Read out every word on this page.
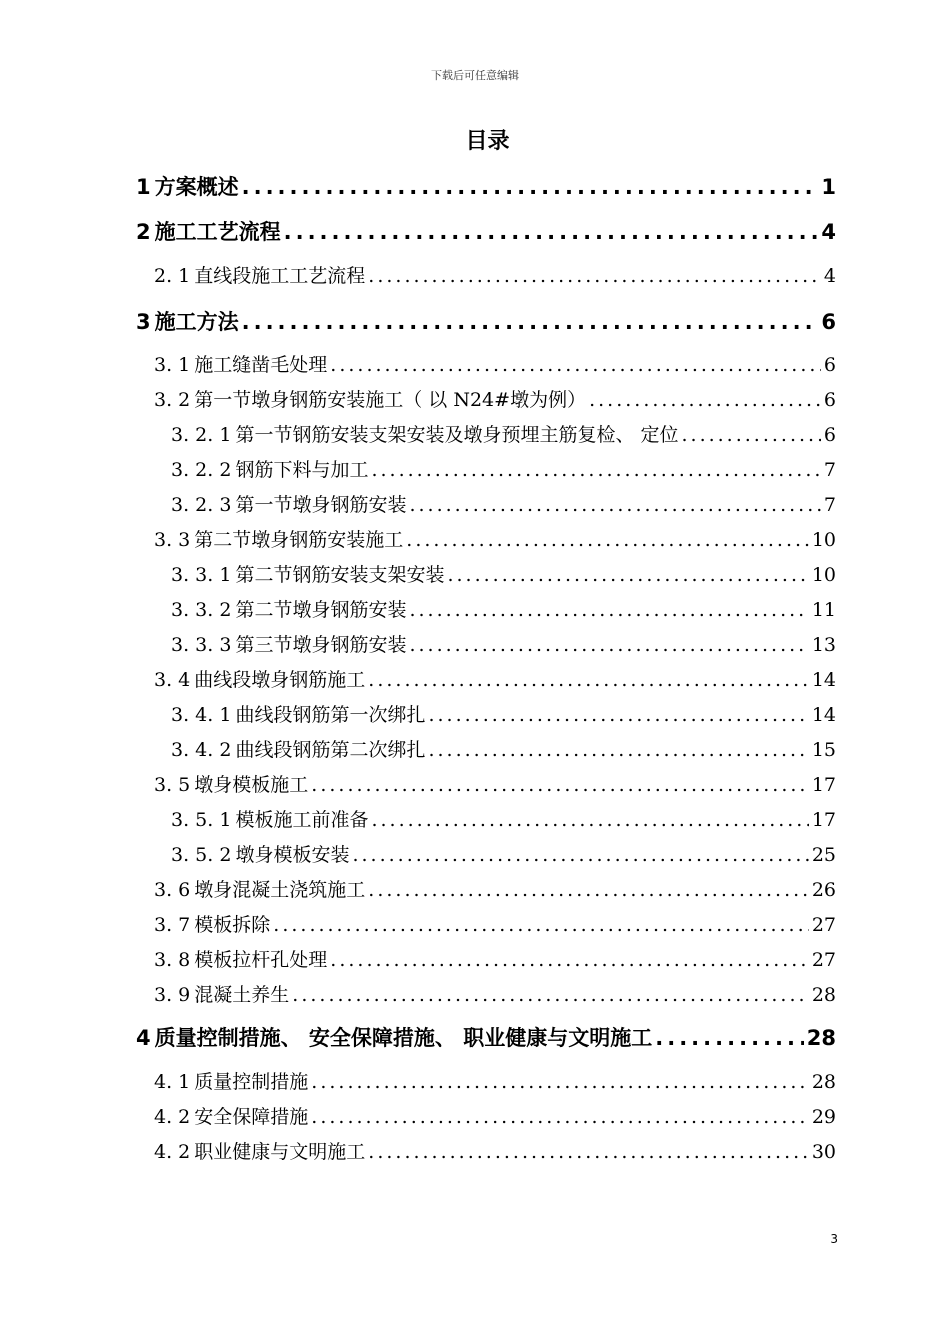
下载后可任意编辑
目录
1 方案概述 .....	1
2 施工工艺流程 .....	4
2. 1 直线段施工工艺流程 .....	4
3 施工方法 .....	6
3. 1 施工缝凿毛处理 .....	6
3. 2 第一节墩身钢筋安装施工（ 以 N24#墩为例） .....	6
3. 2. 1 第一节钢筋安装支架安装及墩身预埋主筋复检、 定位 .....	6
3. 2. 2 钢筋下料与加工 .....	7
3. 2. 3 第一节墩身钢筋安装 .....	7
3. 3 第二节墩身钢筋安装施工 .....	10
3. 3. 1 第二节钢筋安装支架安装 .....	10
3. 3. 2 第二节墩身钢筋安装 .....	11
3. 3. 3 第三节墩身钢筋安装 .....	13
3. 4 曲线段墩身钢筋施工 .....	14
3. 4. 1 曲线段钢筋第一次绑扎 .....	14
3. 4. 2 曲线段钢筋第二次绑扎 .....	15
3. 5 墩身模板施工 .....	17
3. 5. 1 模板施工前准备 .....	17
3. 5. 2 墩身模板安装 .....	25
3. 6 墩身混凝土浇筑施工 .....	26
3. 7 模板拆除 .....	27
3. 8 模板拉杆孔处理 .....	27
3. 9 混凝土养生 .....	28
4 质量控制措施、 安全保障措施、 职业健康与文明施工 .....	28
4. 1 质量控制措施 .....	28
4. 2 安全保障措施 .....	29
4. 2 职业健康与文明施工 .....	30
3
